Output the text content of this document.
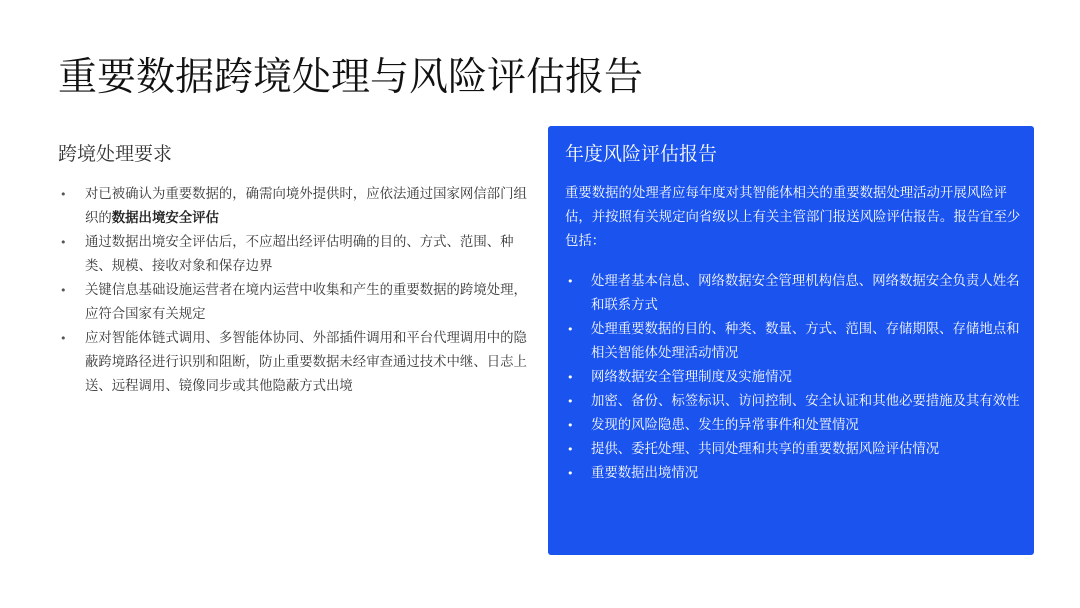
重要数据跨境处理与风险评估报告
跨境处理要求
• 对已被确认为重要数据的，确需向境外提供时，应依法通过国家网信部门组织的数据出境安全评估
• 通过数据出境安全评估后，不应超出经评估明确的目的、方式、范围、种类、规模、接收对象和保存边界
• 关键信息基础设施运营者在境内运营中收集和产生的重要数据的跨境处理，应符合国家有关规定
• 应对智能体链式调用、多智能体协同、外部插件调用和平台代理调用中的隐蔽跨境路径进行识别和阻断，防止重要数据未经审查通过技术中继、日志上送、远程调用、镜像同步或其他隐蔽方式出境
年度风险评估报告

重要数据的处理者应每年度对其智能体相关的重要数据处理活动开展风险评估，并按照有关规定向省级以上有关主管部门报送风险评估报告。报告宜至少包括：

• 处理者基本信息、网络数据安全管理机构信息、网络数据安全负责人姓名和联系方式
• 处理重要数据的目的、种类、数量、方式、范围、存储期限、存储地点和相关智能体处理活动情况
• 网络数据安全管理制度及实施情况
• 加密、备份、标签标识、访问控制、安全认证和其他必要措施及其有效性
• 发现的风险隐患、发生的异常事件和处置情况
• 提供、委托处理、共同处理和共享的重要数据风险评估情况
• 重要数据出境情况
